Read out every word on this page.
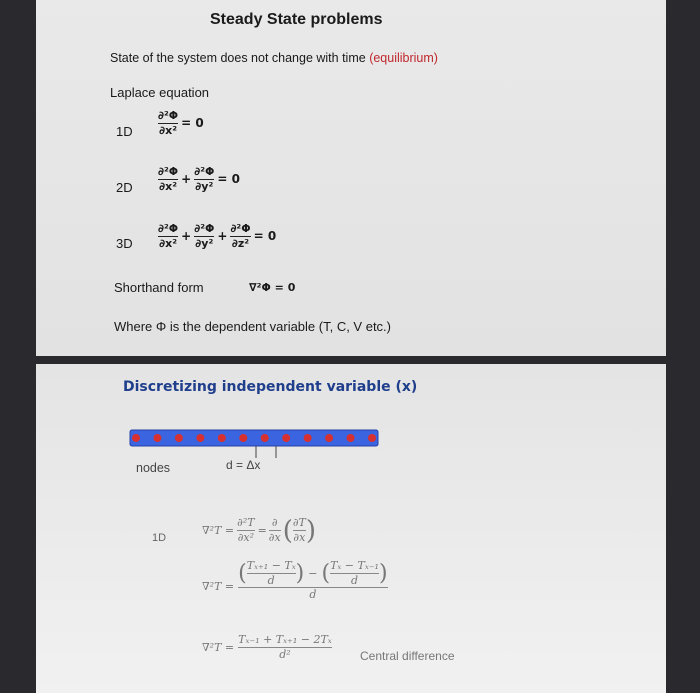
Steady State problems
State of the system does not change with time (equilibrium)
Laplace equation
$1D \frac{\text{∂²Φ}}{\text{∂x²}} = 0$
$2D \frac{\text{∂²Φ}}{\text{∂x²}} + \frac{\text{∂²Φ}}{\text{∂y²}} = 0$
$3D \frac{\text{∂²Φ}}{\text{∂x²}} + \frac{\text{∂²Φ}}{\text{∂y²}} + \frac{\text{∂²Φ}}{\text{∂z²}} = 0$
Shorthand form	∇²Φ = 0
Where Φ is the dependent variable (T, C, V etc.)
Discretizing independent variable (x)
nodes	d = Δx
1D
∇²T =
∂²T
∂x²
=
∂
∂x ( ∂T
∂x )
∇²T =
( Tₓ₊₁ − Tₓ
d ) − ( Tₓ − Tₓ₋₁
d )
d
∇²T =
Tₓ₋₁ + Tₓ₊₁ − 2Tₓ
d²	Central difference
